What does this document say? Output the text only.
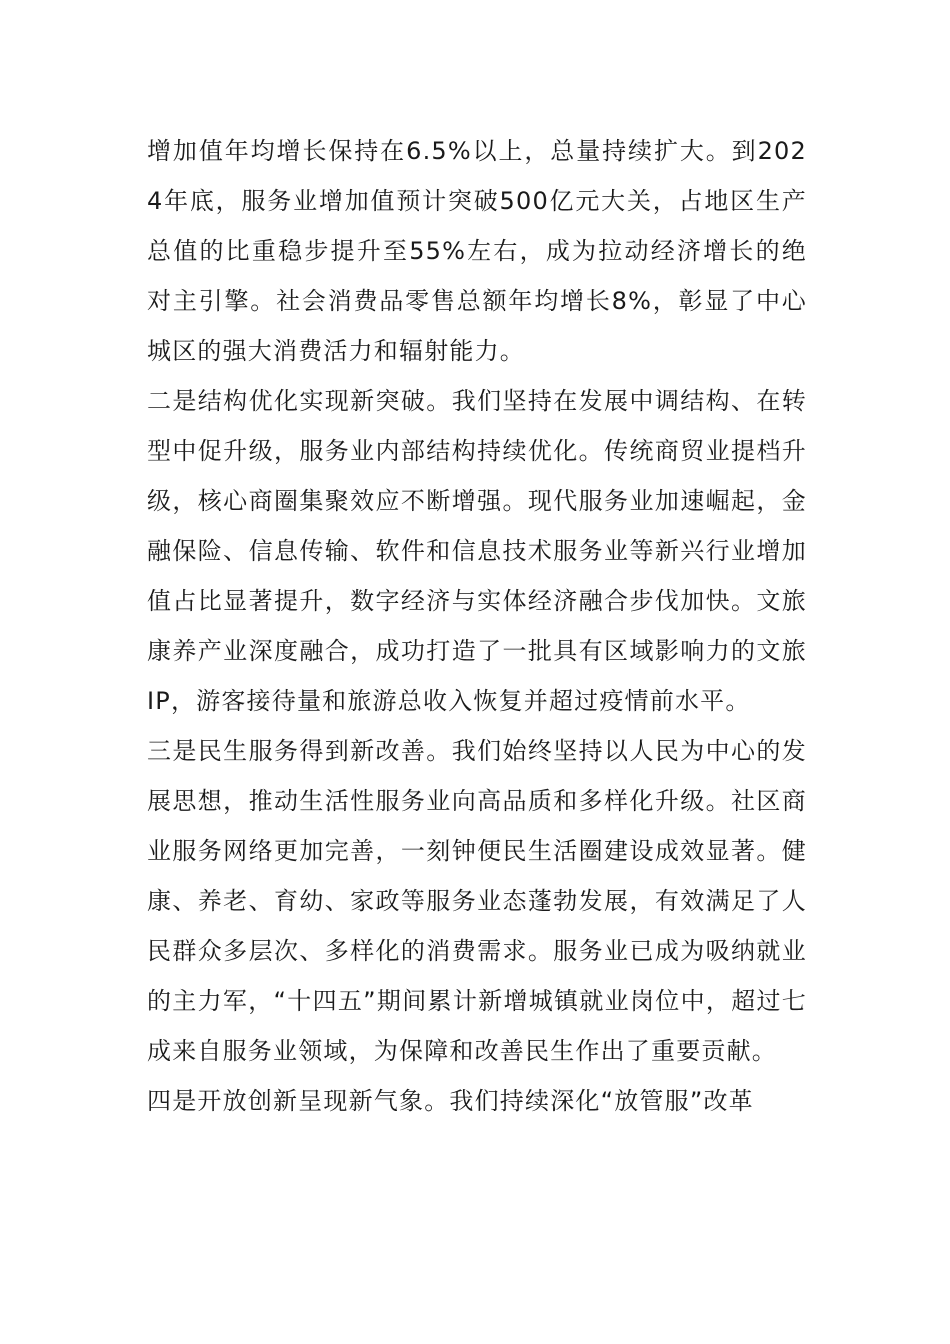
增加值年均增长保持在6.5%以上，总量持续扩大。到2024年底，服务业增加值预计突破500亿元大关，占地区生产总值的比重稳步提升至55%左右，成为拉动经济增长的绝对主引擎。社会消费品零售总额年均增长8%，彰显了中心城区的强大消费活力和辐射能力。

二是结构优化实现新突破。我们坚持在发展中调结构、在转型中促升级，服务业内部结构持续优化。传统商贸业提档升级，核心商圈集聚效应不断增强。现代服务业加速崛起，金融保险、信息传输、软件和信息技术服务业等新兴行业增加值占比显著提升，数字经济与实体经济融合步伐加快。文旅康养产业深度融合，成功打造了一批具有区域影响力的文旅IP，游客接待量和旅游总收入恢复并超过疫情前水平。

三是民生服务得到新改善。我们始终坚持以人民为中心的发展思想，推动生活性服务业向高品质和多样化升级。社区商业服务网络更加完善，一刻钟便民生活圈建设成效显著。健康、养老、育幼、家政等服务业态蓬勃发展，有效满足了人民群众多层次、多样化的消费需求。服务业已成为吸纳就业的主力军，“十四五”期间累计新增城镇就业岗位中，超过七成来自服务业领域，为保障和改善民生作出了重要贡献。

四是开放创新呈现新气象。我们持续深化“放管服”改革
